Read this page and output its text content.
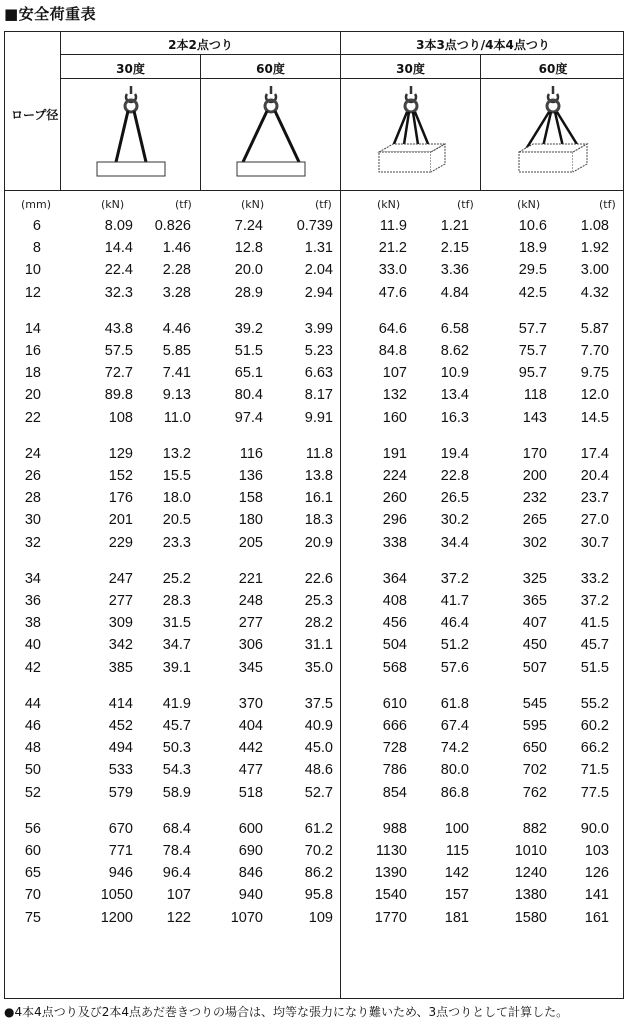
■安全荷重表
2本2点つり	3本3点つり/4本4点つり
30度	60度	30度	60度
ロープ径
(mm)	(kN)	(tf)	(kN)	(tf)	(kN)	(tf)	(kN)	(tf)
6	8.09 0.826	7.24 0.739	11.9 1.21	10.6 1.08
8	14.4 1.46	12.8	1.31	21.2 2.15	18.9 1.92
10	22.4 2.28	20.0	2.04	33.0 3.36	29.5 3.00
12	32.3 3.28	28.9	2.94	47.6 4.84	42.5 4.32
14	43.8 4.46	39.2	3.99	64.6 6.58	57.7 5.87
16	57.5 5.85	51.5	5.23	84.8 8.62	75.7 7.70
18	72.7 7.41	65.1	6.63	107 10.9	95.7 9.75
20	89.8 9.13	80.4	8.17	132 13.4	118 12.0
22	108 11.0	97.4	9.91	160 16.3	143 14.5
24	129 13.2	116	11.8	191 19.4	170 17.4
26	152 15.5	136	13.8	224 22.8	200 20.4
28	176 18.0	158	16.1	260 26.5	232 23.7
30	201 20.5	180	18.3	296 30.2	265 27.0
32	229 23.3	205	20.9	338 34.4	302 30.7
34	247 25.2	221	22.6	364 37.2	325 33.2
36	277 28.3	248	25.3	408 41.7	365 37.2
38	309 31.5	277	28.2	456 46.4	407 41.5
40	342 34.7	306	31.1	504 51.2	450 45.7
42	385 39.1	345	35.0	568 57.6	507 51.5
44	414 41.9	370	37.5	610 61.8	545 55.2
46	452 45.7	404	40.9	666 67.4	595 60.2
48	494 50.3	442	45.0	728 74.2	650 66.2
50	533 54.3	477	48.6	786 80.0	702 71.5
52	579 58.9	518	52.7	854 86.8	762 77.5
56	670 68.4	600	61.2	988	100	882 90.0
60	771 78.4	690	70.2	1130	115	1010	103
65	946 96.4	846	86.2	1390	142	1240	126
70	1050 107	940	95.8	1540	157	1380	141
75	1200 122	1070	109	1770	181	1580	161
●4本4点つり及び2本4点あだ巻きつりの場合は、均等な張力になり難いため、3点つりとして計算した。
